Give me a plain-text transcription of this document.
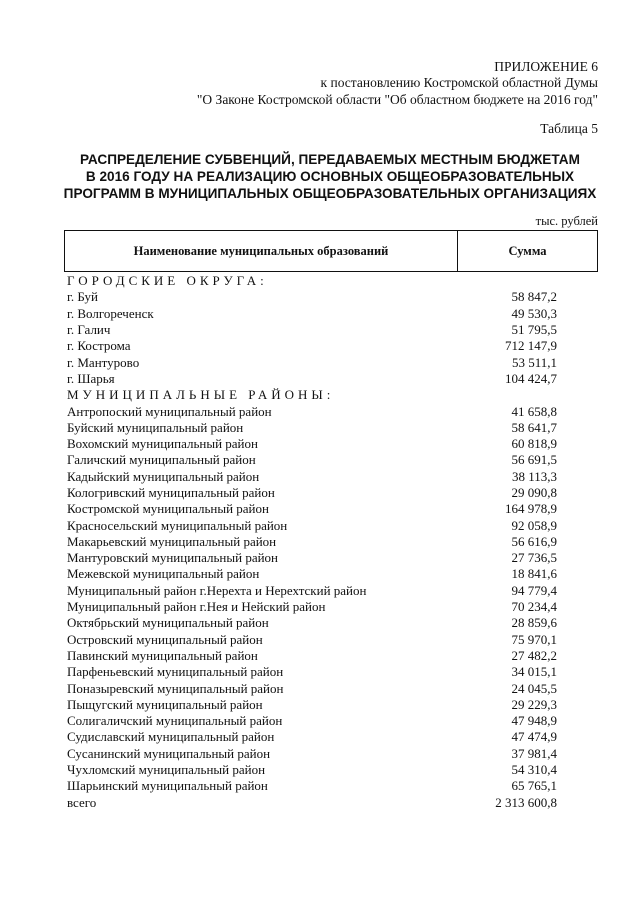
ПРИЛОЖЕНИЕ 6
к постановлению Костромской областной Думы
"О Законе Костромской области "Об областном бюджете на 2016 год"
Таблица 5
РАСПРЕДЕЛЕНИЕ СУБВЕНЦИЙ, ПЕРЕДАВАЕМЫХ МЕСТНЫМ БЮДЖЕТАМ
В 2016 ГОДУ НА РЕАЛИЗАЦИЮ ОСНОВНЫХ ОБЩЕОБРАЗОВАТЕЛЬНЫХ
ПРОГРАММ В МУНИЦИПАЛЬНЫХ ОБЩЕОБРАЗОВАТЕЛЬНЫХ ОРГАНИЗАЦИЯХ
тыс. рублей
Наименование муниципальных образований	Сумма
ГОРОДСКИЕ ОКРУГА:
г. Буй	58 847,2
г. Волгореченск	49 530,3
г. Галич	51 795,5
г. Кострома	712 147,9
г. Мантурово	53 511,1
г. Шарья	104 424,7
МУНИЦИПАЛЬНЫЕ РАЙОНЫ:
Антропоский муниципальный район	41 658,8
Буйский муниципальный район	58 641,7
Вохомский муниципальный район	60 818,9
Галичский муниципальный район	56 691,5
Кадыйский муниципальный район	38 113,3
Кологривский муниципальный район	29 090,8
Костромской муниципальный район	164 978,9
Красносельский муниципальный район	92 058,9
Макарьевский муниципальный район	56 616,9
Мантуровский муниципальный район	27 736,5
Межевской муниципальный район	18 841,6
Муниципальный район г.Нерехта и Нерехтский район	94 779,4
Муниципальный район г.Нея и Нейский район	70 234,4
Октябрьский муниципальный район	28 859,6
Островский муниципальный район	75 970,1
Павинский муниципальный район	27 482,2
Парфеньевский муниципальный район	34 015,1
Поназыревский муниципальный район	24 045,5
Пыщугский муниципальный район	29 229,3
Солигаличский муниципальный район	47 948,9
Судиславский муниципальный район	47 474,9
Сусанинский муниципальный район	37 981,4
Чухломский муниципальный район	54 310,4
Шарьинский муниципальный район	65 765,1
всего	2 313 600,8
